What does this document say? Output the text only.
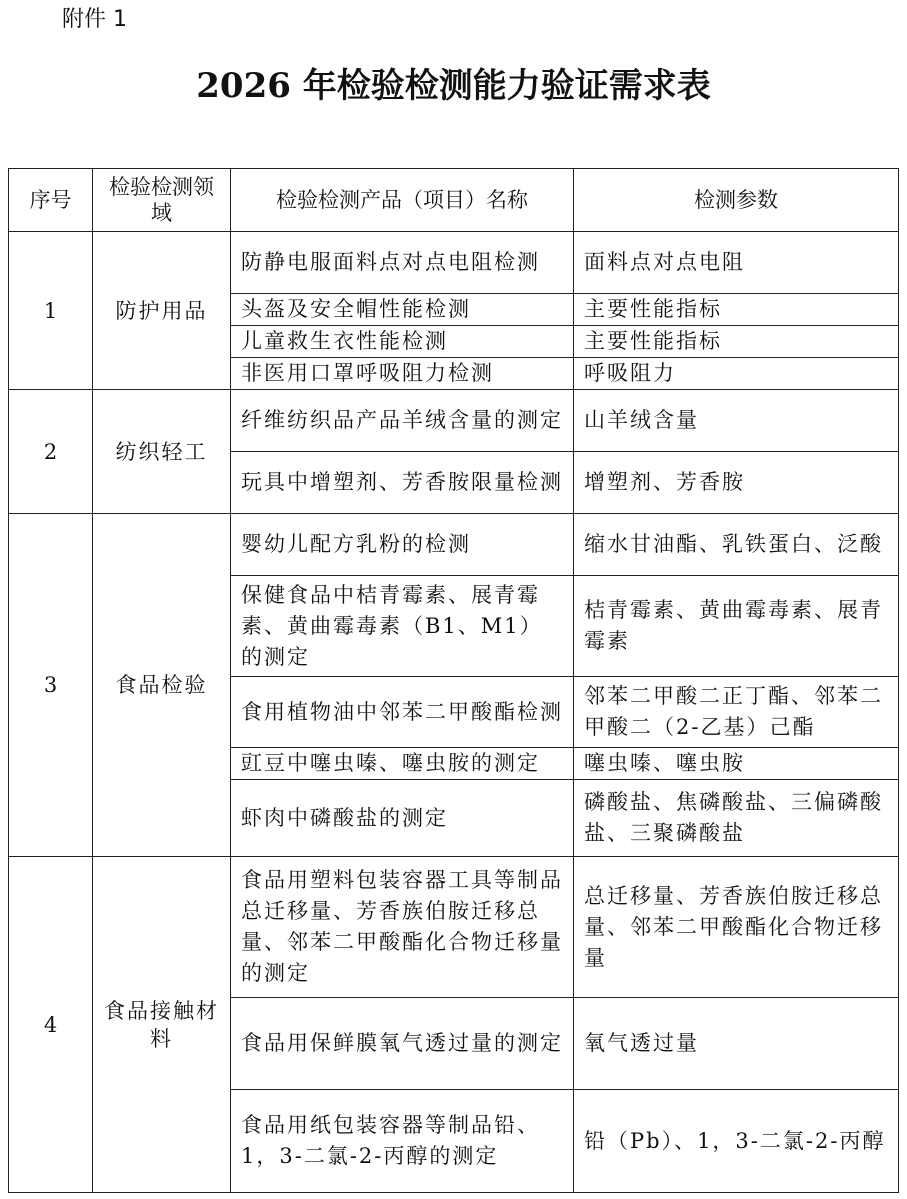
附件 1
2026 年检验检测能力验证需求表
序号	检验检测领域	检验检测产品（项目）名称	检测参数
1	防护用品	防静电服面料点对点电阻检测	面料点对点电阻
		头盔及安全帽性能检测	主要性能指标
		儿童救生衣性能检测	主要性能指标
		非医用口罩呼吸阻力检测	呼吸阻力
2	纺织轻工	纤维纺织品产品羊绒含量的测定	山羊绒含量
		玩具中增塑剂、芳香胺限量检测	增塑剂、芳香胺
3	食品检验	婴幼儿配方乳粉的检测	缩水甘油酯、乳铁蛋白、泛酸
		保健食品中桔青霉素、展青霉素、黄曲霉毒素（B1、M1）的测定	桔青霉素、黄曲霉毒素、展青霉素
		食用植物油中邻苯二甲酸酯检测	邻苯二甲酸二正丁酯、邻苯二甲酸二（2-乙基）己酯
		豇豆中噻虫嗪、噻虫胺的测定	噻虫嗪、噻虫胺
		虾肉中磷酸盐的测定	磷酸盐、焦磷酸盐、三偏磷酸盐、三聚磷酸盐
4	食品接触材料	食品用塑料包装容器工具等制品总迁移量、芳香族伯胺迁移总量、邻苯二甲酸酯化合物迁移量的测定	总迁移量、芳香族伯胺迁移总量、邻苯二甲酸酯化合物迁移量
		食品用保鲜膜氧气透过量的测定	氧气透过量
		食品用纸包装容器等制品铅、1，3-二氯-2-丙醇的测定	铅（Pb）、1，3-二氯-2-丙醇
